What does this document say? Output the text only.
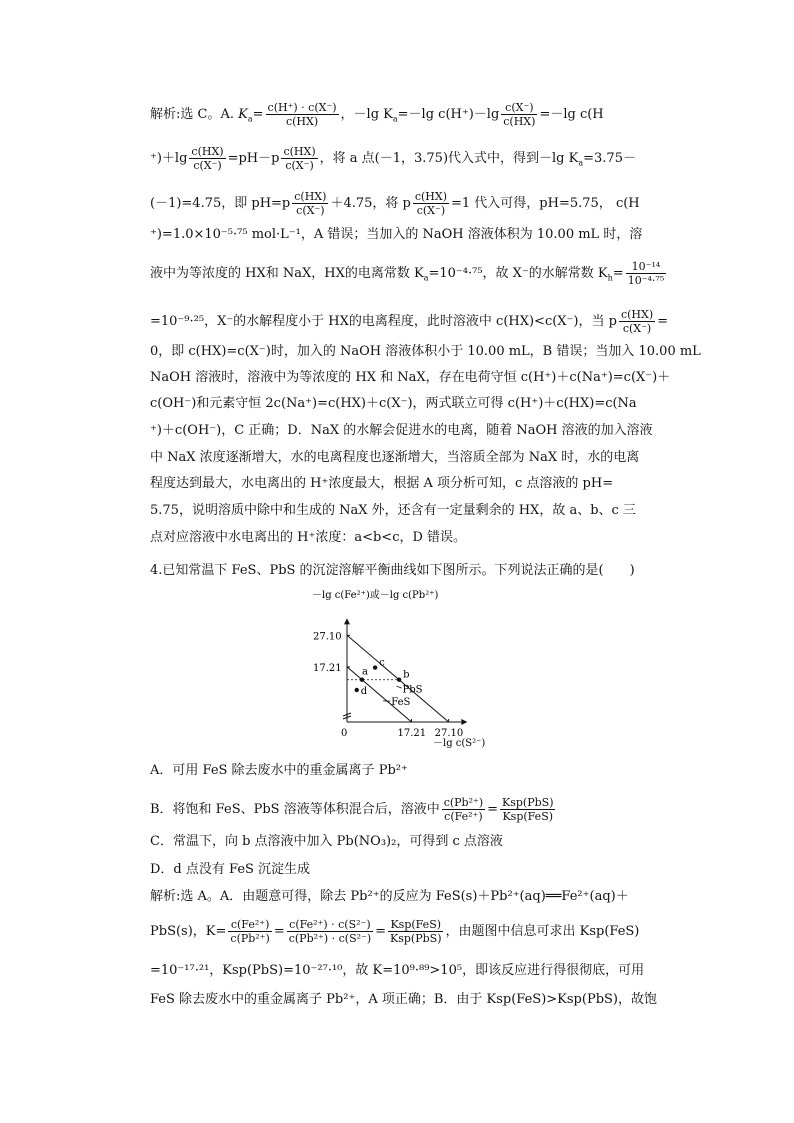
解析:选 C。A. $K_a= \frac{c(H^+) \cdot c(X^-)}{c(HX)}$ ，－lg $K_a=-\lg$ $c(H^+)-\lg \frac{c(X^-)}{c(HX)} =-\lg$ c(H
$^+)+\lg \frac{c(HX)}{c(X^-)} =pH-p \frac{c(HX)}{c(X^-)}$ ，将 a 点(－1，3.75)代入式中，得到－lg $K_a=3.75-$
(－1)=4.75，即 $pH=p \frac{c(HX)}{c(X^-)} +4.75$，将 p $\frac{c(HX)}{c(X^-)} =1$ 代入可得，pH=5.75， c(H
⁺)=1.0×10⁻⁵·⁷⁵ mol·L⁻¹，A 错误；当加入的 NaOH 溶液体积为 10.00 mL 时，溶
液中为等浓度的 HX和 NaX，HX的电离常数 $K_a=10^{-4}\cdot^{75}$，故 X⁻的水解常数 $K_h= \frac{\text{10⁻¹⁴}}{\text{10⁻⁴·⁷⁵}}$
=10⁻⁹·²⁵，X⁻的水解程度小于 HX的电离程度，此时溶液中 c(HX)<c(X⁻)，当 p $\frac{c(HX)}{c(X^-)}$ =
0，即 c(HX)=c(X⁻)时，加入的 NaOH 溶液体积小于 10.00 mL，B 错误；当加入 10.00 mL
NaOH 溶液时，溶液中为等浓度的 HX 和 NaX，存在电荷守恒 c(H⁺)＋c(Na⁺)=c(X⁻)＋
c(OH⁻)和元素守恒 2c(Na⁺)=c(HX)＋c(X⁻)，两式联立可得 c(H⁺)＋c(HX)=c(Na
⁺)＋c(OH⁻)，C 正确；D．NaX 的水解会促进水的电离，随着 NaOH 溶液的加入溶液
中 NaX 浓度逐渐增大，水的电离程度也逐渐增大，当溶质全部为 NaX 时，水的电离
程度达到最大，水电离出的 H⁺浓度最大，根据 A 项分析可知，c 点溶液的 pH=
5.75，说明溶质中除中和生成的 NaX 外，还含有一定量剩余的 HX，故 a、b、c 三
点对应溶液中水电离出的 H⁺浓度：a<b<c，D 错误。
4.已知常温下 FeS、PbS 的沉淀溶解平衡曲线如下图所示。下列说法正确的是(　　)
－lg c(Fe²⁺)或－lg c(Pb²⁺)
－lg c(S²⁻)
0
27.10
17.21
17.21 27.10
PbS
FeS
a	b
c
d
A．可用 FeS 除去废水中的重金属离子 Pb²⁺
B．将饱和 FeS、PbS 溶液等体积混合后，溶液中 $\frac{\text{c(Pb²⁺)}}{\text{c(Fe²⁺)}} = \frac{\text{Ksp(PbS)}}{\text{Ksp(FeS)}}$
C．常温下，向 b 点溶液中加入 Pb(NO₃)₂，可得到 c 点溶液
D．d 点没有 FeS 沉淀生成
解析:选 A。A．由题意可得，除去 Pb²⁺的反应为 FeS(s)＋Pb²⁺(aq)══Fe²⁺(aq)＋
PbS(s)，$K= \frac{\text{c(Fe²⁺)}}{\text{c(Pb²⁺)}} = \frac{\text{c(Fe²⁺) · c(S²⁻)}}{\text{c(Pb²⁺) · c(S²⁻)}} = \frac{\text{Ksp(FeS)}}{\text{Ksp(PbS)}}$ ，由题图中信息可求出 Ksp(FeS)
=10⁻¹⁷·²¹，Ksp(PbS)=10⁻²⁷·¹⁰，故 K=10⁹·⁸⁹>10⁵，即该反应进行得很彻底，可用
FeS 除去废水中的重金属离子 Pb²⁺，A 项正确；B．由于 Ksp(FeS)>Ksp(PbS)，故饱
